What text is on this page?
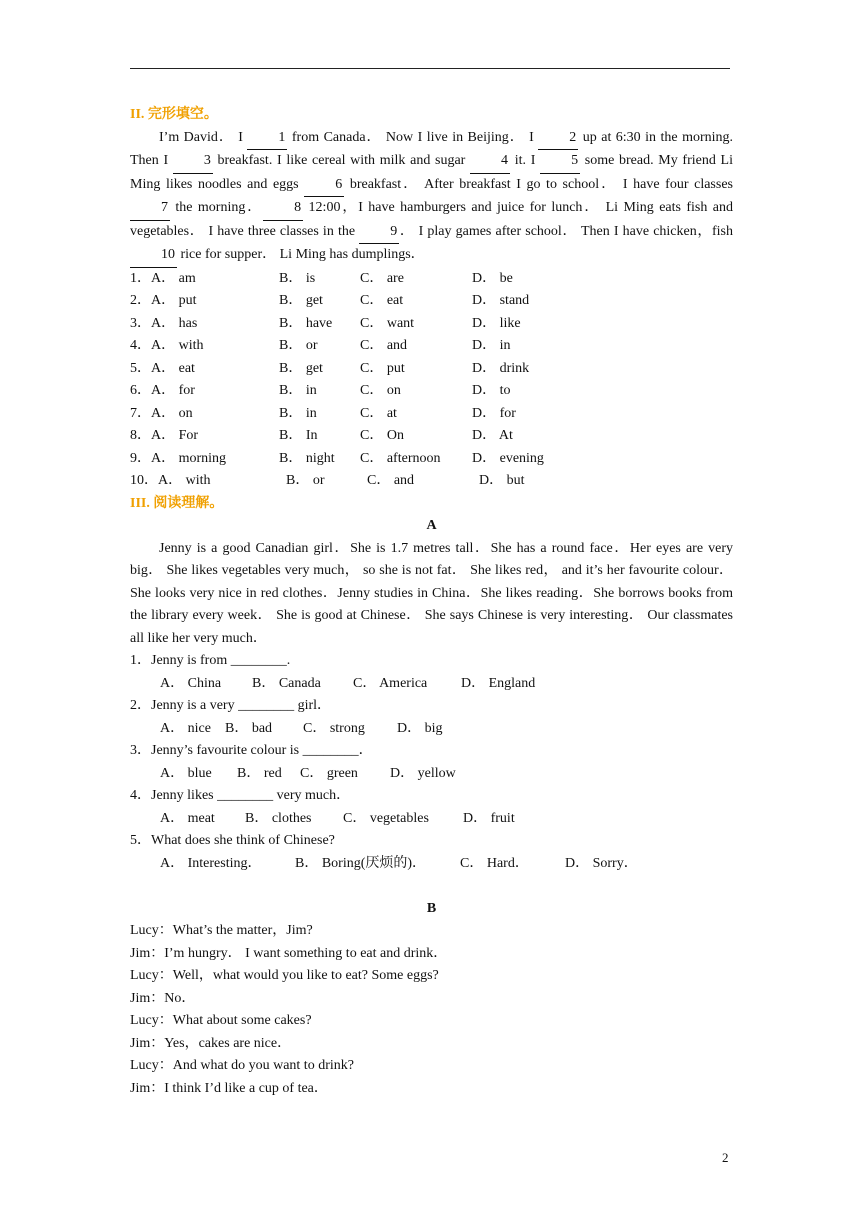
II. 完形填空。

I’m David． I 1 from Canada． Now I live in Beijing． I 2 up at 6:30 in the morning. Then I 3 breakfast. I like cereal with milk and sugar 4 it. I 5 some bread. My friend Li Ming likes noodles and eggs 6 breakfast． After breakfast I go to school． I have four classes 7 the morning． 8 12:00，I have hamburgers and juice for lunch． Li Ming eats fish and vegetables． I have three classes in the 9 ． I play games after school． Then I have chicken，fish 10 rice for supper． Li Ming has dumplings．

1． A． am	B． is	C． are	D． be
2． A． put	B． get	C． eat	D． stand
3． A． has	B． have C． want	D． like
4． A． with	B． or	C． and	D． in
5． A． eat	B． get	C． put	D． drink
6． A． for	B． in	C． on	D． to
7． A． on	B． in	C． at	D． for
8． A． For	B． In	C． On	D． At
9． A． morning	B． night C． afternoon D． evening
10． A． with	B． or	C． and	D． but
III. 阅读理解。
A

Jenny is a good Canadian girl．She is 1.7 metres tall．She has a round face．Her eyes are very big． She likes vegetables very much， so she is not fat． She likes red， and it’s her favourite colour．She looks very nice in red clothes．Jenny studies in China．She likes reading．She borrows books from the library every week． She is good at Chinese． She says Chinese is very interesting． Our classmates all like her very much．

1．Jenny is from ________.
A． China B． Canada C． America D． England
2．Jenny is a very ________ girl．
A． nice B． bad C． strong D． big
3．Jenny’s favourite colour is ________．
A． blue B． red C． green D． yellow
4．Jenny likes ________ very much．
A． meat B． clothes C． vegetables D． fruit
5．What does she think of Chinese?
A． Interesting． B． Boring(厌烦的)． C． Hard．	D． Sorry．
B
Lucy：What’s the matter，Jim?
Jim：I’m hungry． I want something to eat and drink．
Lucy：Well，what would you like to eat? Some eggs?
Jim：No．
Lucy：What about some cakes?
Jim：Yes，cakes are nice．
Lucy：And what do you want to drink?
Jim：I think I’d like a cup of tea．
2
